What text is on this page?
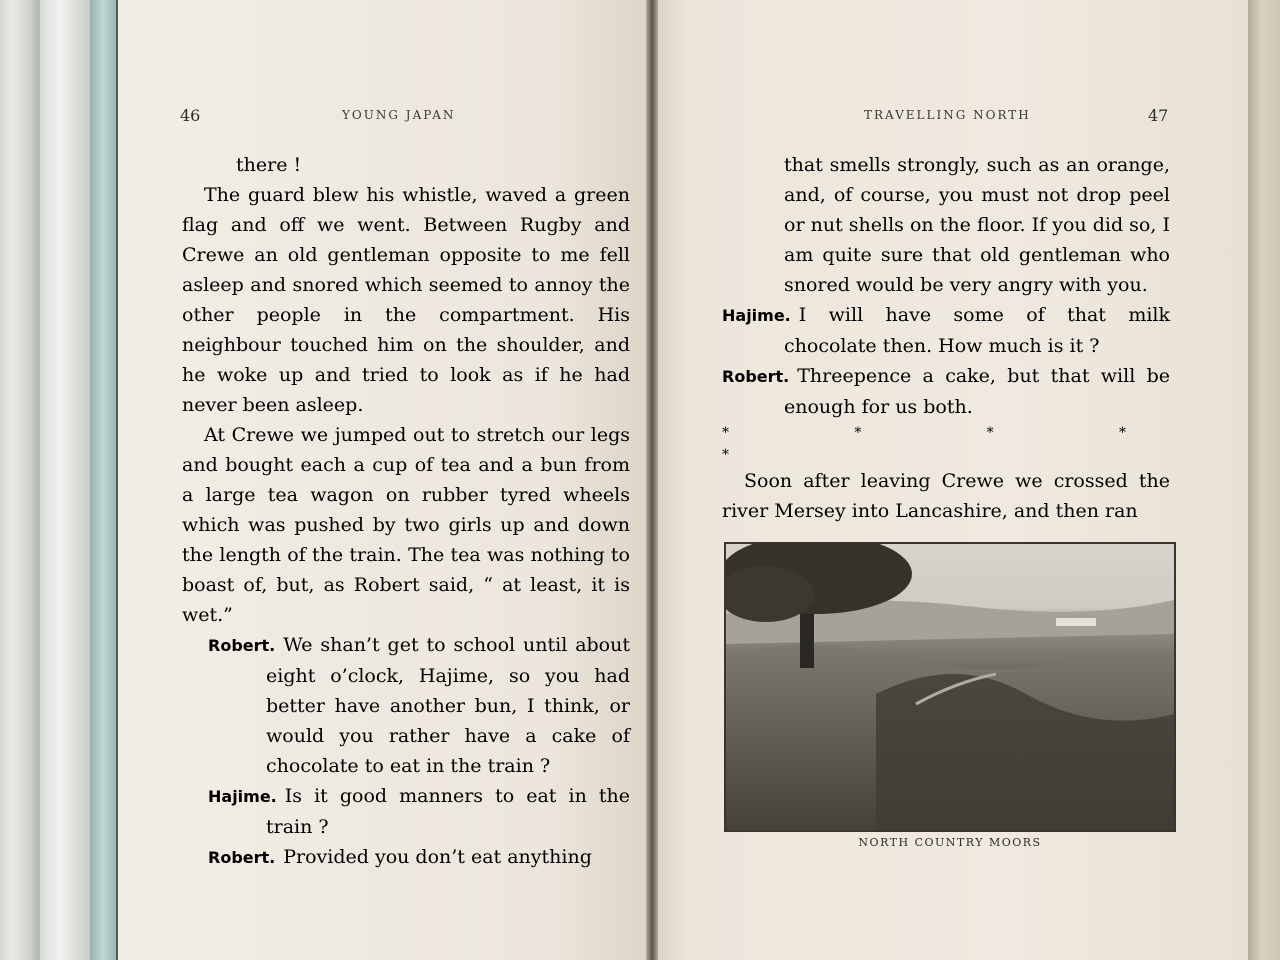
46	YOUNG JAPAN

there !

The guard blew his whistle, waved a green flag and off we went. Between Rugby and Crewe an old gentleman opposite to me fell asleep and snored which seemed to annoy the other people in the compartment. His neighbour touched him on the shoulder, and he woke up and tried to look as if he had never been asleep.

At Crewe we jumped out to stretch our legs and bought each a cup of tea and a bun from a large tea wagon on rubber tyred wheels which was pushed by two girls up and down the length of the train. The tea was nothing to boast of, but, as Robert said, “ at least, it is wet.”

Robert. We shan’t get to school until about eight o’clock, Hajime, so you had better have another bun, I think, or would you rather have a cake of chocolate to eat in the train ?

Hajime. Is it good manners to eat in the train ?

Robert. Provided you don’t eat anything

TRAVELLING NORTH	47

that smells strongly, such as an orange, and, of course, you must not drop peel or nut shells on the floor. If you did so, I am quite sure that old gentleman who snored would be very angry with you.

Hajime. I will have some of that milk chocolate then. How much is it ?

Robert. Threepence a cake, but that will be enough for us both.

* * * * *

Soon after leaving Crewe we crossed the river Mersey into Lancashire, and then ran

NORTH COUNTRY MOORS
